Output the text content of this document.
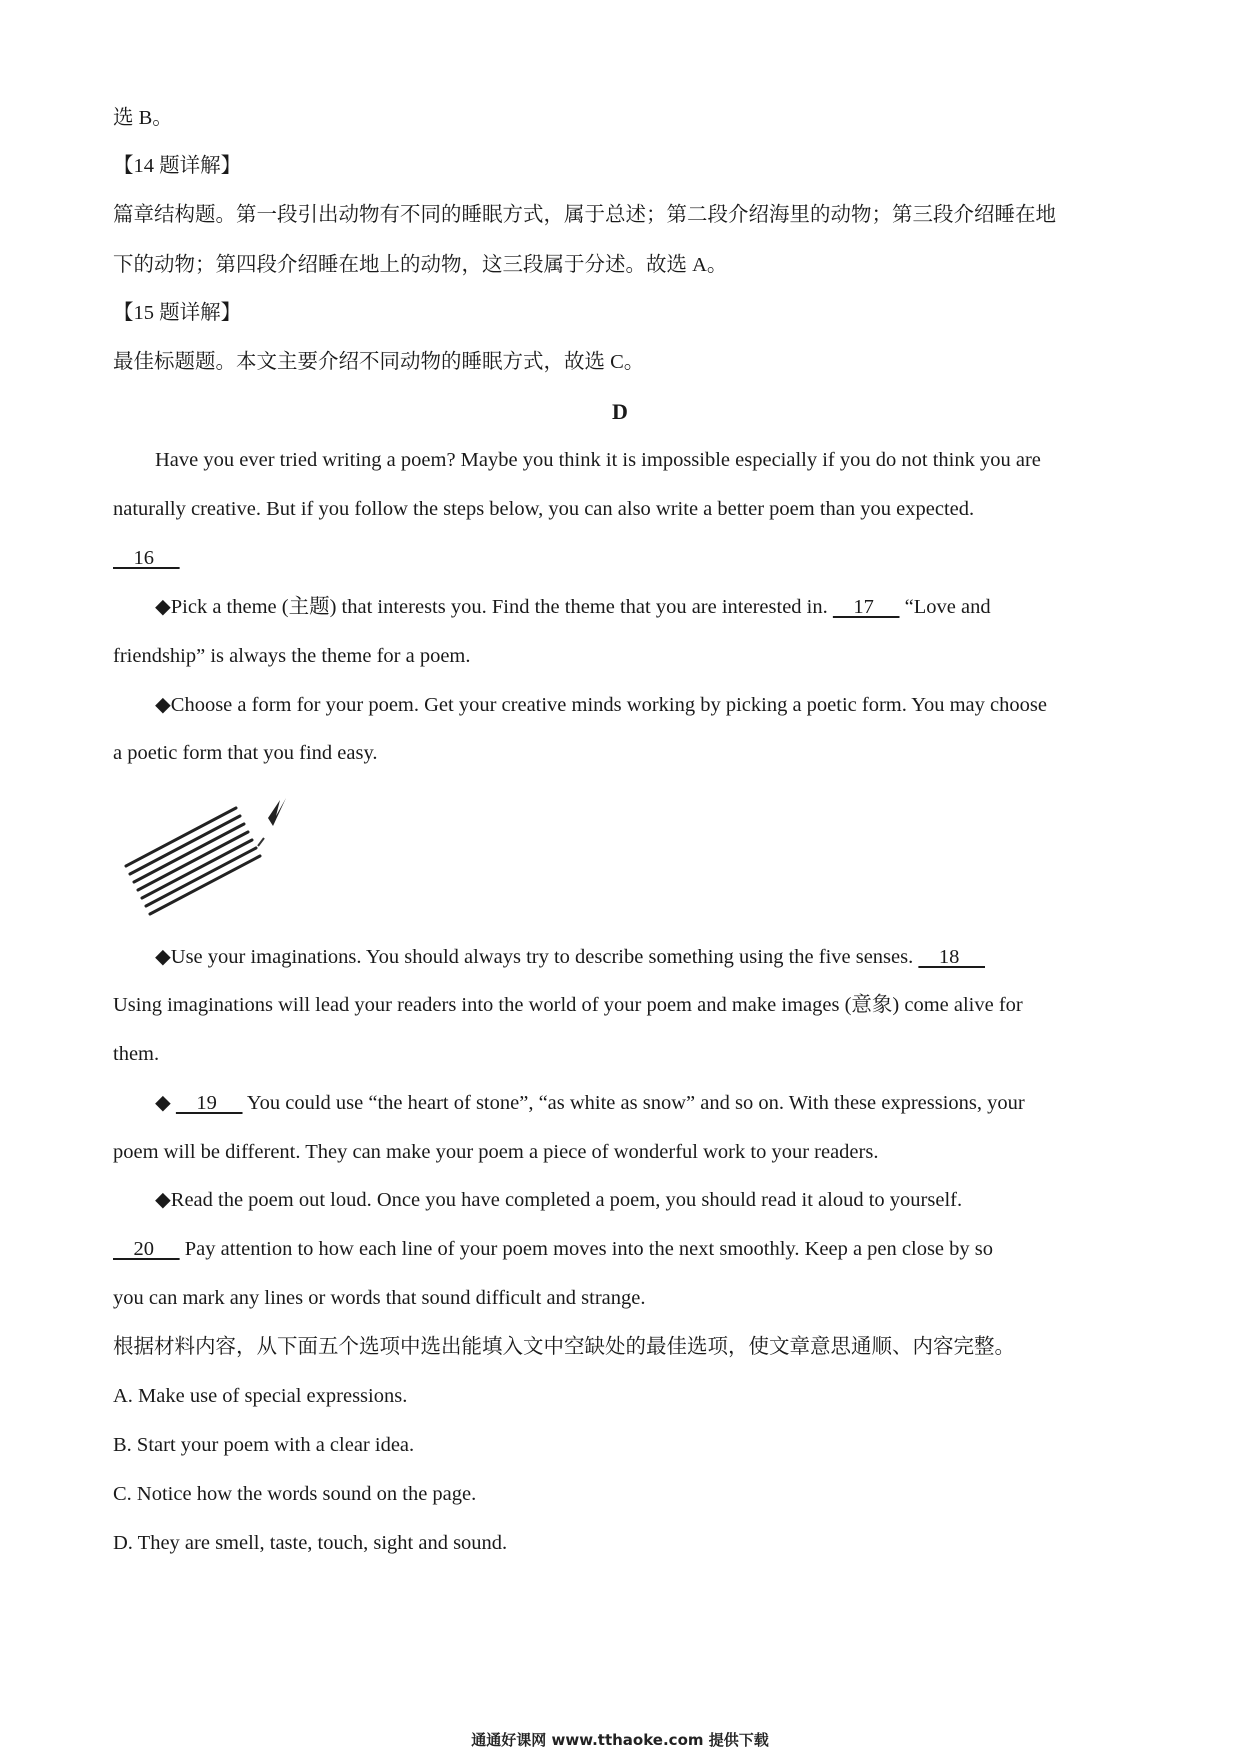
选 B。
【14 题详解】
篇章结构题。第一段引出动物有不同的睡眠方式，属于总述；第二段介绍海里的动物；第三段介绍睡在地
下的动物；第四段介绍睡在地上的动物，这三段属于分述。故选 A。
【15 题详解】
最佳标题题。本文主要介绍不同动物的睡眠方式，故选 C。
D
Have you ever tried writing a poem? Maybe you think it is impossible especially if you do not think you are
naturally creative. But if you follow the steps below, you can also write a better poem than you expected.
16
◆Pick a theme (主题) that interests you. Find the theme that you are interested in.     17      “Love and
friendship” is always the theme for a poem.
◆Choose a form for your poem. Get your creative minds working by picking a poetic form. You may choose
a poetic form that you find easy.
◆Use your imaginations. You should always try to describe something using the five senses.     18
Using imaginations will lead your readers into the world of your poem and make images (意象) come alive for
them.
◆     19      You could use “the heart of stone”, “as white as snow” and so on. With these expressions, your
poem will be different. They can make your poem a piece of wonderful work to your readers.
◆Read the poem out loud. Once you have completed a poem, you should read it aloud to yourself.
20      Pay attention to how each line of your poem moves into the next smoothly. Keep a pen close by so
you can mark any lines or words that sound difficult and strange.
根据材料内容，从下面五个选项中选出能填入文中空缺处的最佳选项，使文章意思通顺、内容完整。
A. Make use of special expressions.
B. Start your poem with a clear idea.
C. Notice how the words sound on the page.
D. They are smell, taste, touch, sight and sound.
通通好课网 www.tthaoke.com 提供下载
